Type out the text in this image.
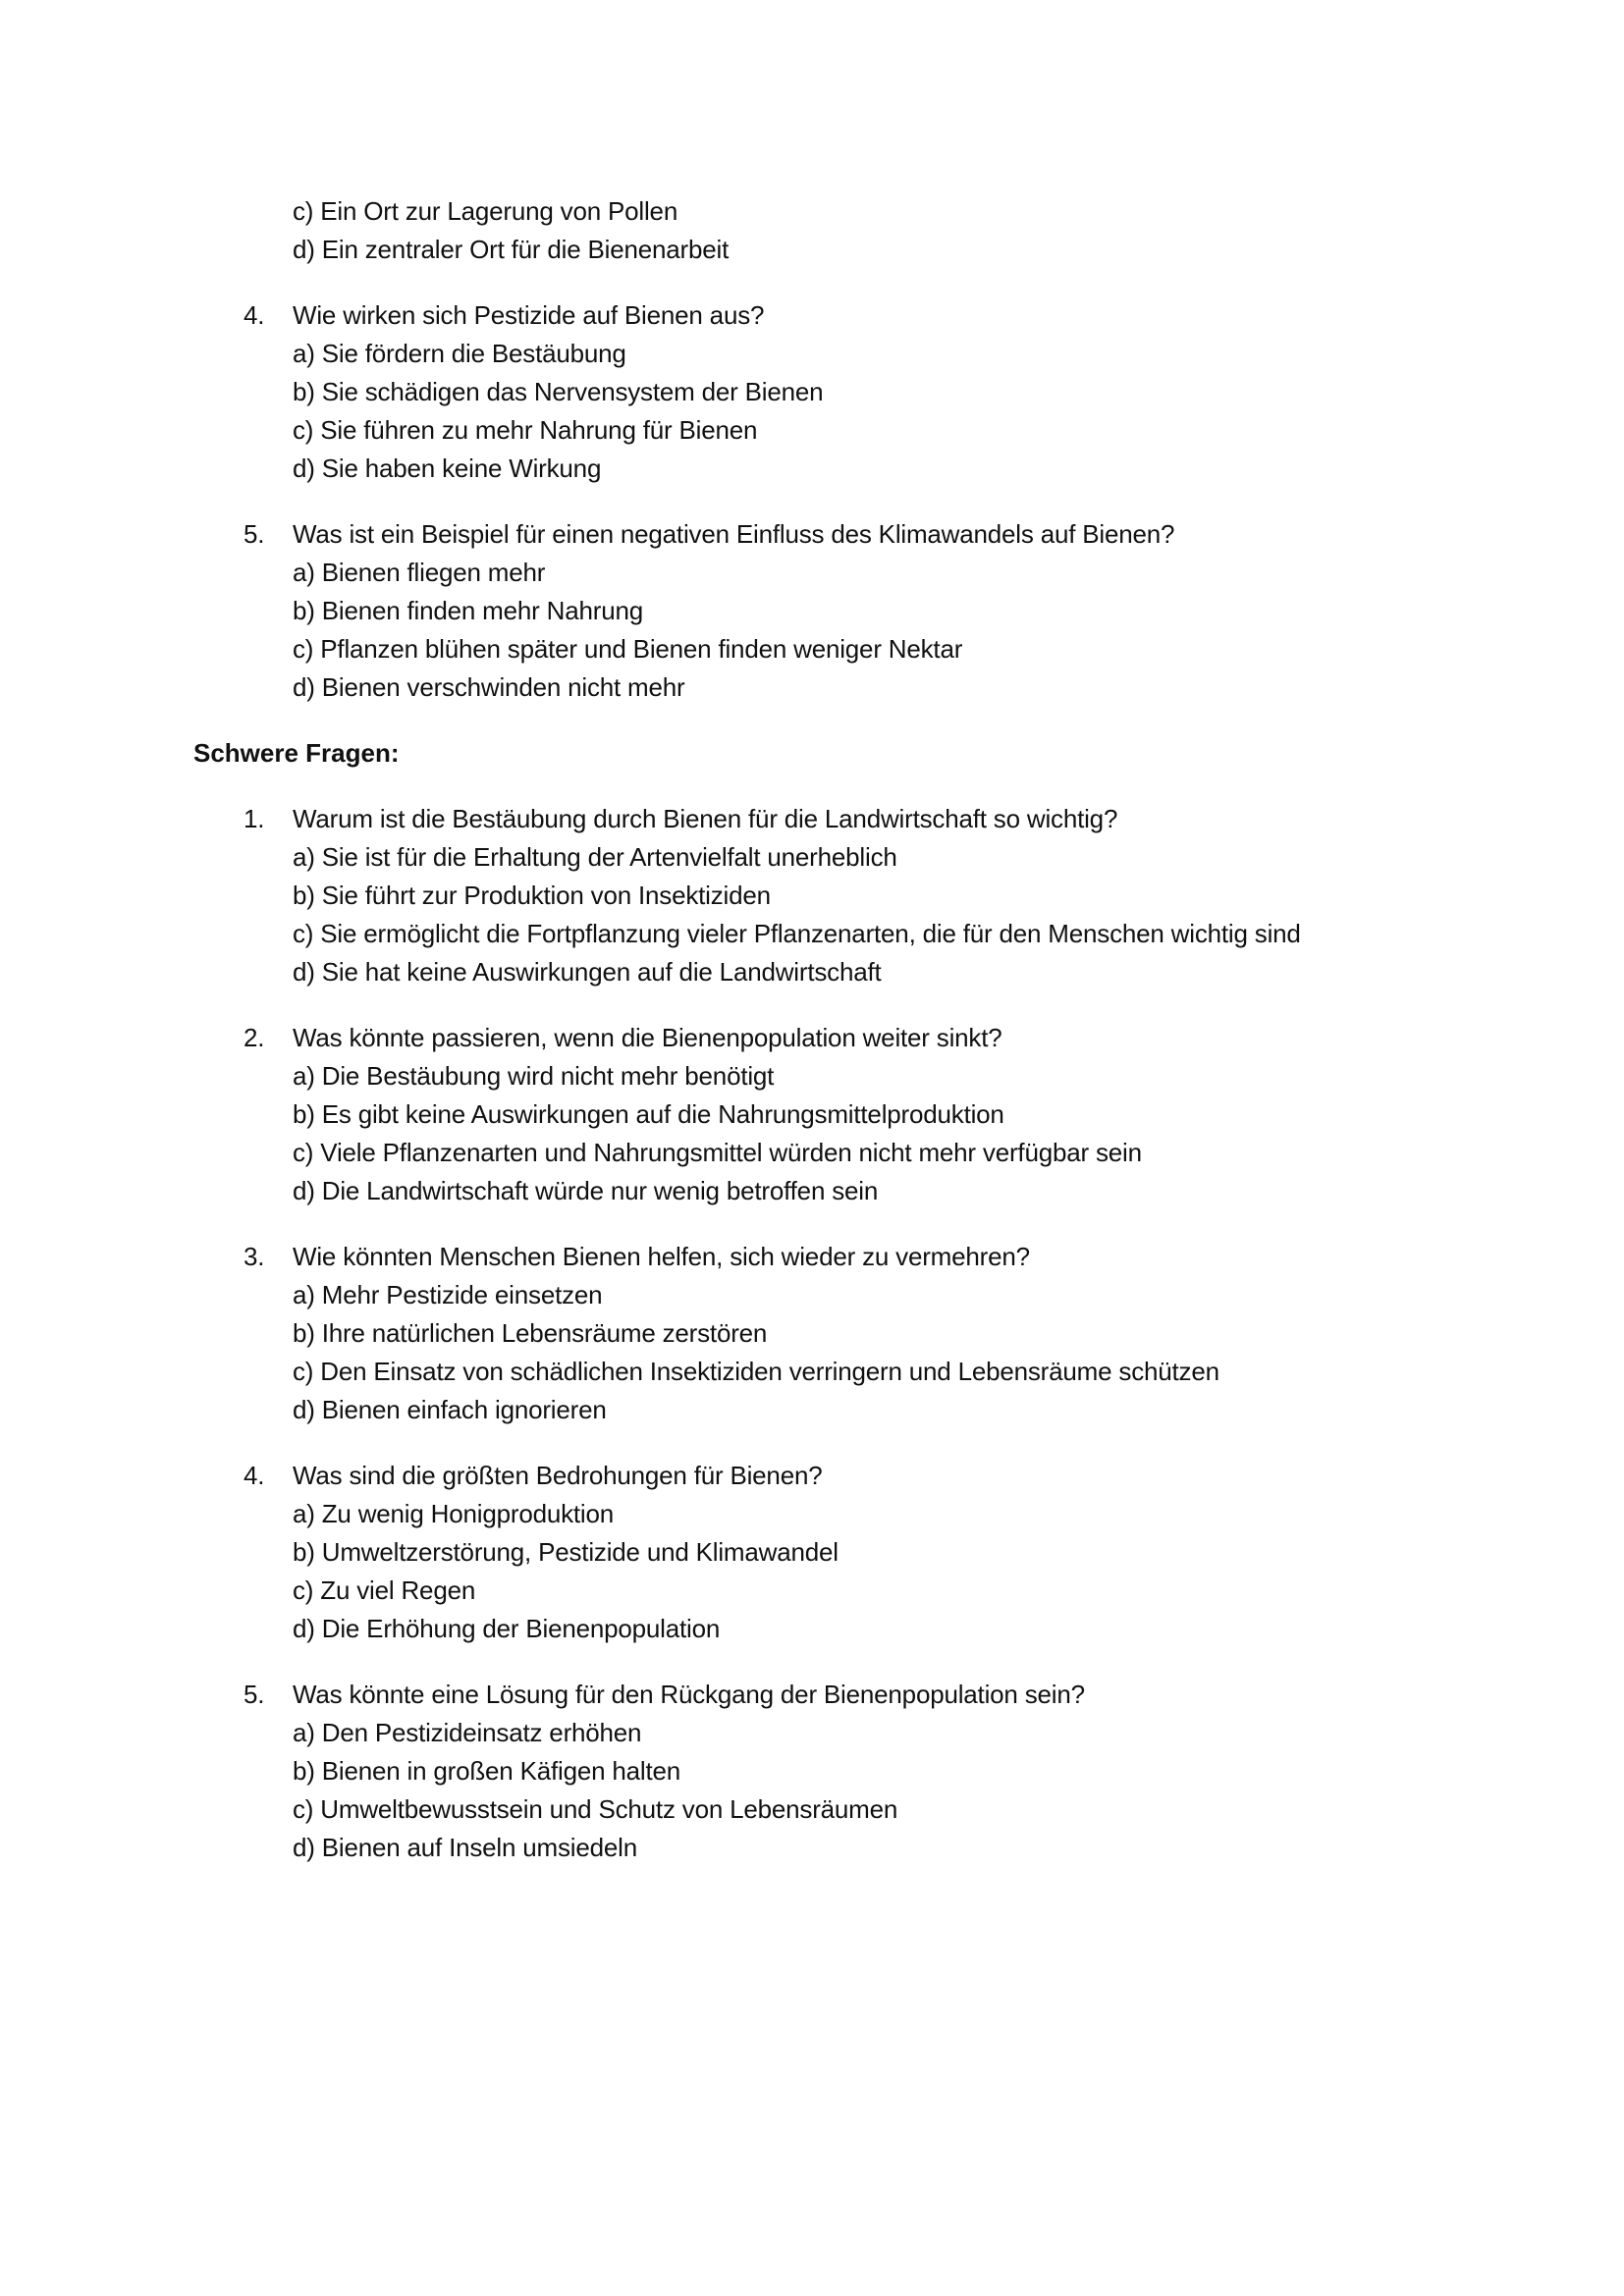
c) Ein Ort zur Lagerung von Pollen
d) Ein zentraler Ort für die Bienenarbeit
4. Wie wirken sich Pestizide auf Bienen aus?
a) Sie fördern die Bestäubung
b) Sie schädigen das Nervensystem der Bienen
c) Sie führen zu mehr Nahrung für Bienen
d) Sie haben keine Wirkung
5. Was ist ein Beispiel für einen negativen Einfluss des Klimawandels auf Bienen?
a) Bienen fliegen mehr
b) Bienen finden mehr Nahrung
c) Pflanzen blühen später und Bienen finden weniger Nektar
d) Bienen verschwinden nicht mehr
Schwere Fragen:
1. Warum ist die Bestäubung durch Bienen für die Landwirtschaft so wichtig?
a) Sie ist für die Erhaltung der Artenvielfalt unerheblich
b) Sie führt zur Produktion von Insektiziden
c) Sie ermöglicht die Fortpflanzung vieler Pflanzenarten, die für den Menschen wichtig sind
d) Sie hat keine Auswirkungen auf die Landwirtschaft
2. Was könnte passieren, wenn die Bienenpopulation weiter sinkt?
a) Die Bestäubung wird nicht mehr benötigt
b) Es gibt keine Auswirkungen auf die Nahrungsmittelproduktion
c) Viele Pflanzenarten und Nahrungsmittel würden nicht mehr verfügbar sein
d) Die Landwirtschaft würde nur wenig betroffen sein
3. Wie könnten Menschen Bienen helfen, sich wieder zu vermehren?
a) Mehr Pestizide einsetzen
b) Ihre natürlichen Lebensräume zerstören
c) Den Einsatz von schädlichen Insektiziden verringern und Lebensräume schützen
d) Bienen einfach ignorieren
4. Was sind die größten Bedrohungen für Bienen?
a) Zu wenig Honigproduktion
b) Umweltzerstörung, Pestizide und Klimawandel
c) Zu viel Regen
d) Die Erhöhung der Bienenpopulation
5. Was könnte eine Lösung für den Rückgang der Bienenpopulation sein?
a) Den Pestizideinsatz erhöhen
b) Bienen in großen Käfigen halten
c) Umweltbewusstsein und Schutz von Lebensräumen
d) Bienen auf Inseln umsiedeln
